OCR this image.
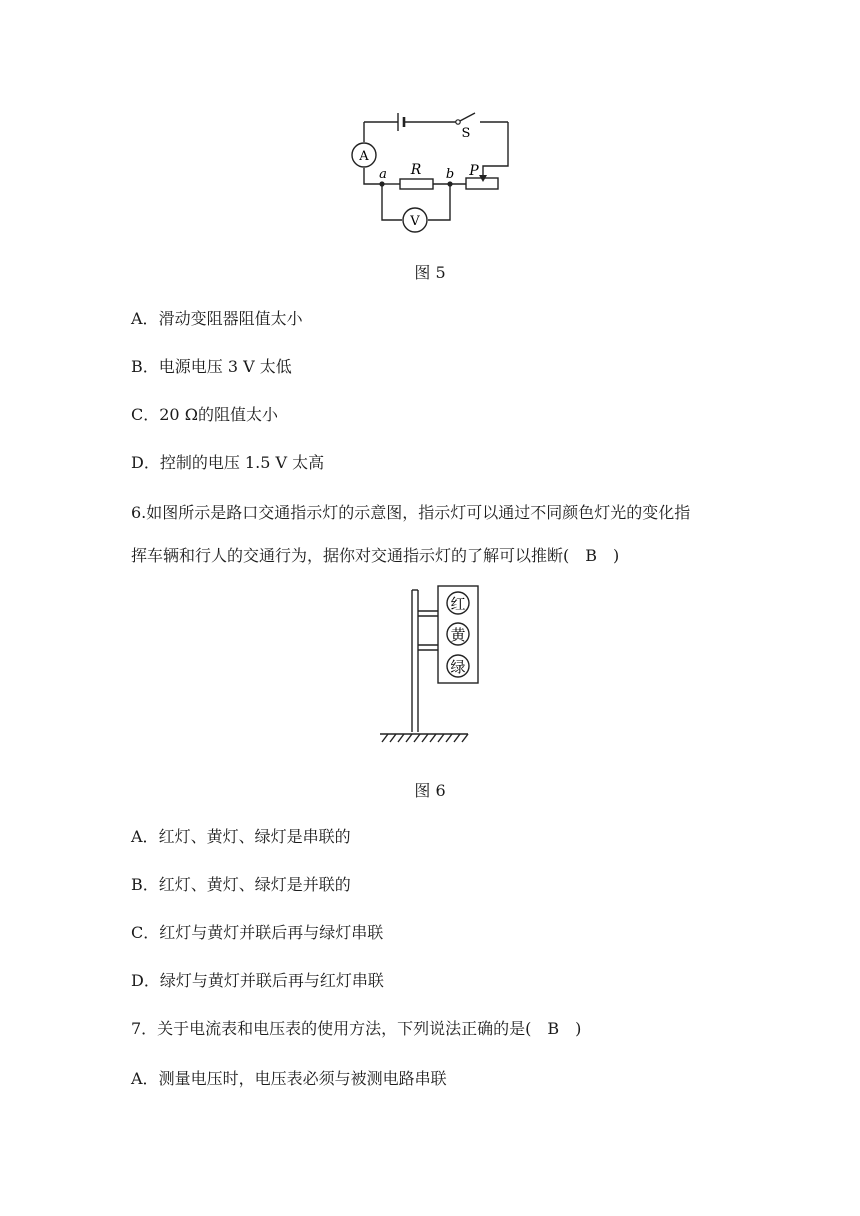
A
V
S
R	P
a	b
图 5
A．滑动变阻器阻值太小
B．电源电压 3 V 太低
C．20 Ω的阻值太小
D．控制的电压 1.5 V 太高
6.如图所示是路口交通指示灯的示意图，指示灯可以通过不同颜色灯光的变化指
挥车辆和行人的交通行为，据你对交通指示灯的了解可以推断(　B　)
红
黄
绿
图 6
A．红灯、黄灯、绿灯是串联的
B．红灯、黄灯、绿灯是并联的
C．红灯与黄灯并联后再与绿灯串联
D．绿灯与黄灯并联后再与红灯串联
7．关于电流表和电压表的使用方法，下列说法正确的是(　B　)
A．测量电压时，电压表必须与被测电路串联
